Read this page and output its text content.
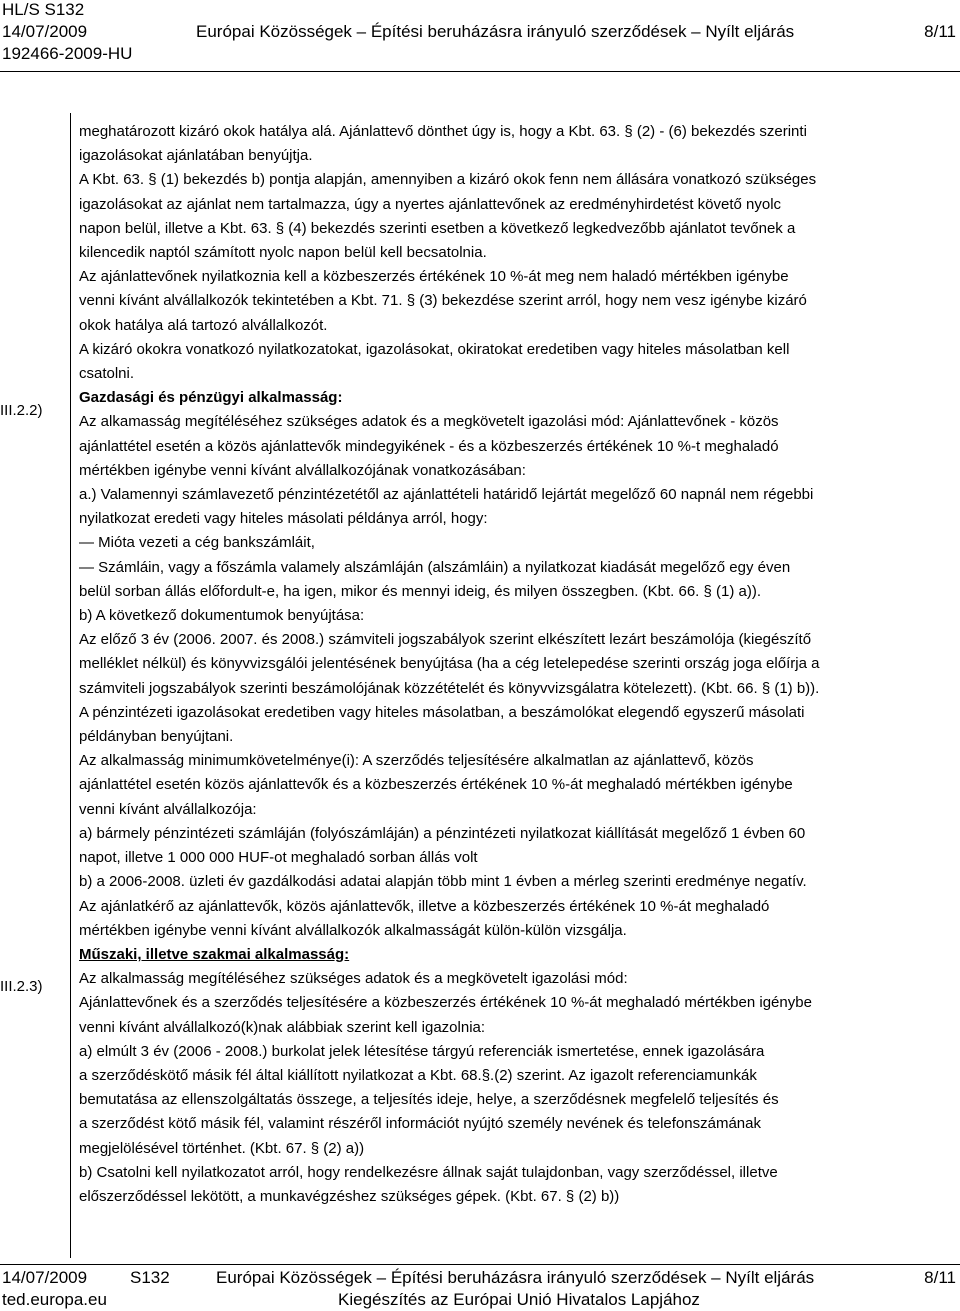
HL/S S132
14/07/2009	Európai Közösségek – Építési beruházásra irányuló szerződések – Nyílt eljárás	8/11
192466-2009-HU
III.2.2)
III.2.3)

meghatározott kizáró okok hatálya alá. Ajánlattevő dönthet úgy is, hogy a Kbt. 63. § (2) - (6) bekezdés szerinti

igazolásokat ajánlatában benyújtja.

A Kbt. 63. § (1) bekezdés b) pontja alapján, amennyiben a kizáró okok fenn nem állására vonatkozó szükséges

igazolásokat az ajánlat nem tartalmazza, úgy a nyertes ajánlattevőnek az eredményhirdetést követő nyolc

napon belül, illetve a Kbt. 63. § (4) bekezdés szerinti esetben a következő legkedvezőbb ajánlatot tevőnek a

kilencedik naptól számított nyolc napon belül kell becsatolnia.

Az ajánlattevőnek nyilatkoznia kell a közbeszerzés értékének 10 %-át meg nem haladó mértékben igénybe

venni kívánt alvállalkozók tekintetében a Kbt. 71. § (3) bekezdése szerint arról, hogy nem vesz igénybe kizáró

okok hatálya alá tartozó alvállalkozót.

A kizáró okokra vonatkozó nyilatkozatokat, igazolásokat, okiratokat eredetiben vagy hiteles másolatban kell

csatolni.

Gazdasági és pénzügyi alkalmasság:

Az alkamasság megítéléséhez szükséges adatok és a megkövetelt igazolási mód: Ajánlattevőnek - közös

ajánlattétel esetén a közös ajánlattevők mindegyikének - és a közbeszerzés értékének 10 %-t meghaladó

mértékben igénybe venni kívánt alvállalkozójának vonatkozásában:

a.) Valamennyi számlavezető pénzintézetétől az ajánlattételi határidő lejártát megelőző 60 napnál nem régebbi

nyilatkozat eredeti vagy hiteles másolati példánya arról, hogy:

— Mióta vezeti a cég bankszámláit,

— Számláin, vagy a főszámla valamely alszámláján (alszámláin) a nyilatkozat kiadását megelőző egy éven

belül sorban állás előfordult-e, ha igen, mikor és mennyi ideig, és milyen összegben. (Kbt. 66. § (1) a)).

b) A következő dokumentumok benyújtása:

Az előző 3 év (2006. 2007. és 2008.) számviteli jogszabályok szerint elkészített lezárt beszámolója (kiegészítő

melléklet nélkül) és könyvvizsgálói jelentésének benyújtása (ha a cég letelepedése szerinti ország joga előírja a

számviteli jogszabályok szerinti beszámolójának közzétételét és könyvvizsgálatra kötelezett). (Kbt. 66. § (1) b)).

A pénzintézeti igazolásokat eredetiben vagy hiteles másolatban, a beszámolókat elegendő egyszerű másolati

példányban benyújtani.

Az alkalmasság minimumkövetelménye(i): A szerződés teljesítésére alkalmatlan az ajánlattevő, közös

ajánlattétel esetén közös ajánlattevők és a közbeszerzés értékének 10 %-át meghaladó mértékben igénybe

venni kívánt alvállalkozója:

a) bármely pénzintézeti számláján (folyószámláján) a pénzintézeti nyilatkozat kiállítását megelőző 1 évben 60

napot, illetve 1 000 000 HUF-ot meghaladó sorban állás volt

b) a 2006-2008. üzleti év gazdálkodási adatai alapján több mint 1 évben a mérleg szerinti eredménye negatív.

Az ajánlatkérő az ajánlattevők, közös ajánlattevők, illetve a közbeszerzés értékének 10 %-át meghaladó

mértékben igénybe venni kívánt alvállalkozók alkalmasságát külön-külön vizsgálja.

Műszaki, illetve szakmai alkalmasság:

Az alkalmasság megítéléséhez szükséges adatok és a megkövetelt igazolási mód:

Ajánlattevőnek és a szerződés teljesítésére a közbeszerzés értékének 10 %-át meghaladó mértékben igénybe

venni kívánt alvállalkozó(k)nak alábbiak szerint kell igazolnia:

a) elmúlt 3 év (2006 - 2008.) burkolat jelek létesítése tárgyú referenciák ismertetése, ennek igazolására

a szerződéskötő másik fél által kiállított nyilatkozat a Kbt. 68.§.(2) szerint. Az igazolt referenciamunkák

bemutatása az ellenszolgáltatás összege, a teljesítés ideje, helye, a szerződésnek megfelelő teljesítés és

a szerződést kötő másik fél, valamint részéről információt nyújtó személy nevének és telefonszámának

megjelölésével történhet. (Kbt. 67. § (2) a))

b) Csatolni kell nyilatkozatot arról, hogy rendelkezésre állnak saját tulajdonban, vagy szerződéssel, illetve

előszerződéssel lekötött, a munkavégzéshez szükséges gépek. (Kbt. 67. § (2) b))

14/07/2009	S132	Európai Közösségek – Építési beruházásra irányuló szerződések – Nyílt eljárás	8/11
ted.europa.eu	Kiegészítés az Európai Unió Hivatalos Lapjához
